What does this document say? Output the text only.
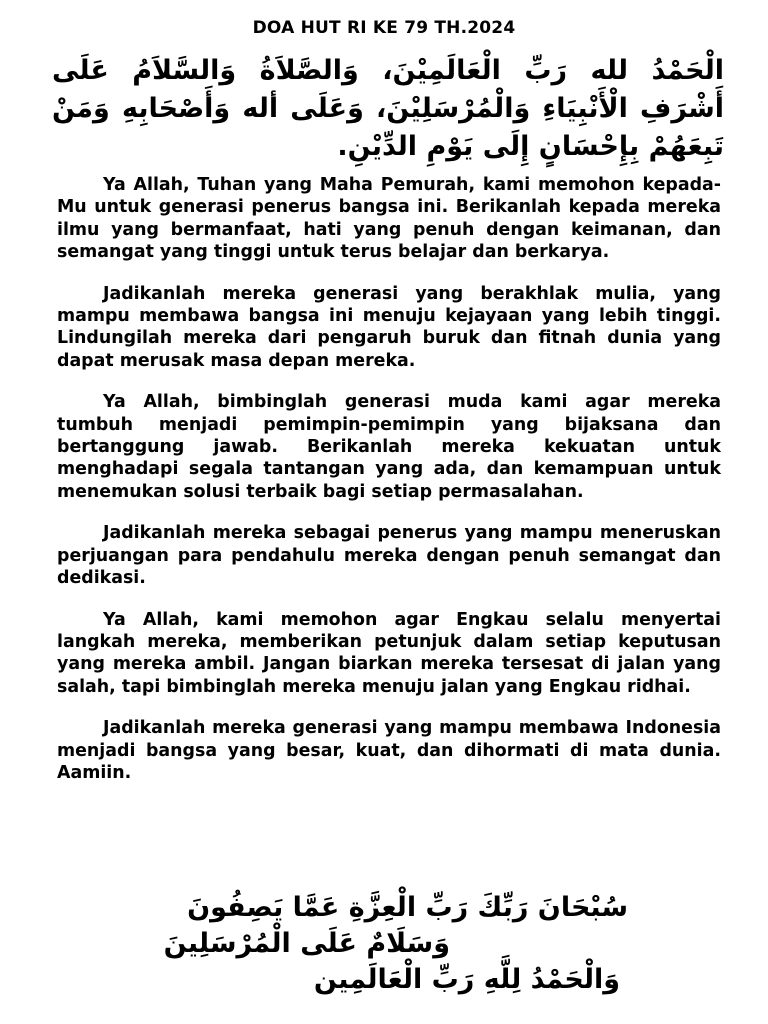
DOA HUT RI KE 79 TH.2024
الْحَمْدُ لله رَبِّ الْعَالَمِيْنَ، وَالصَّلاَةُ وَالسَّلاَمُ عَلَى أَشْرَفِ الْأَنْبِيَاءِ وَالْمُرْسَلِيْنَ، وَعَلَى أله وَأَصْحَابِهِ وَمَنْ تَبِعَهُمْ بِإِحْسَانٍ إِلَى يَوْمِ الدِّيْنِ.

Ya Allah, Tuhan yang Maha Pemurah, kami memohon kepada-Mu untuk generasi penerus bangsa ini. Berikanlah kepada mereka ilmu yang bermanfaat, hati yang penuh dengan keimanan, dan semangat yang tinggi untuk terus belajar dan berkarya.

Jadikanlah mereka generasi yang berakhlak mulia, yang mampu membawa bangsa ini menuju kejayaan yang lebih tinggi. Lindungilah mereka dari pengaruh buruk dan fitnah dunia yang dapat merusak masa depan mereka.

Ya Allah, bimbinglah generasi muda kami agar mereka tumbuh menjadi pemimpin-pemimpin yang bijaksana dan bertanggung jawab. Berikanlah mereka kekuatan untuk menghadapi segala tantangan yang ada, dan kemampuan untuk menemukan solusi terbaik bagi setiap permasalahan.

Jadikanlah mereka sebagai penerus yang mampu meneruskan perjuangan para pendahulu mereka dengan penuh semangat dan dedikasi.

Ya Allah, kami memohon agar Engkau selalu menyertai langkah mereka, memberikan petunjuk dalam setiap keputusan yang mereka ambil. Jangan biarkan mereka tersesat di jalan yang  salah, tapi bimbinglah mereka menuju jalan yang Engkau ridhai.

Jadikanlah mereka generasi yang mampu membawa Indonesia menjadi bangsa yang besar, kuat, dan dihormati di mata dunia. Aamiin.

سُبْحَانَ رَبِّكَ رَبِّ الْعِزَّةِ عَمَّا يَصِفُونَ
وَسَلَامٌ عَلَى الْمُرْسَلِينَ
وَالْحَمْدُ لِلَّهِ رَبِّ الْعَالَمِين
